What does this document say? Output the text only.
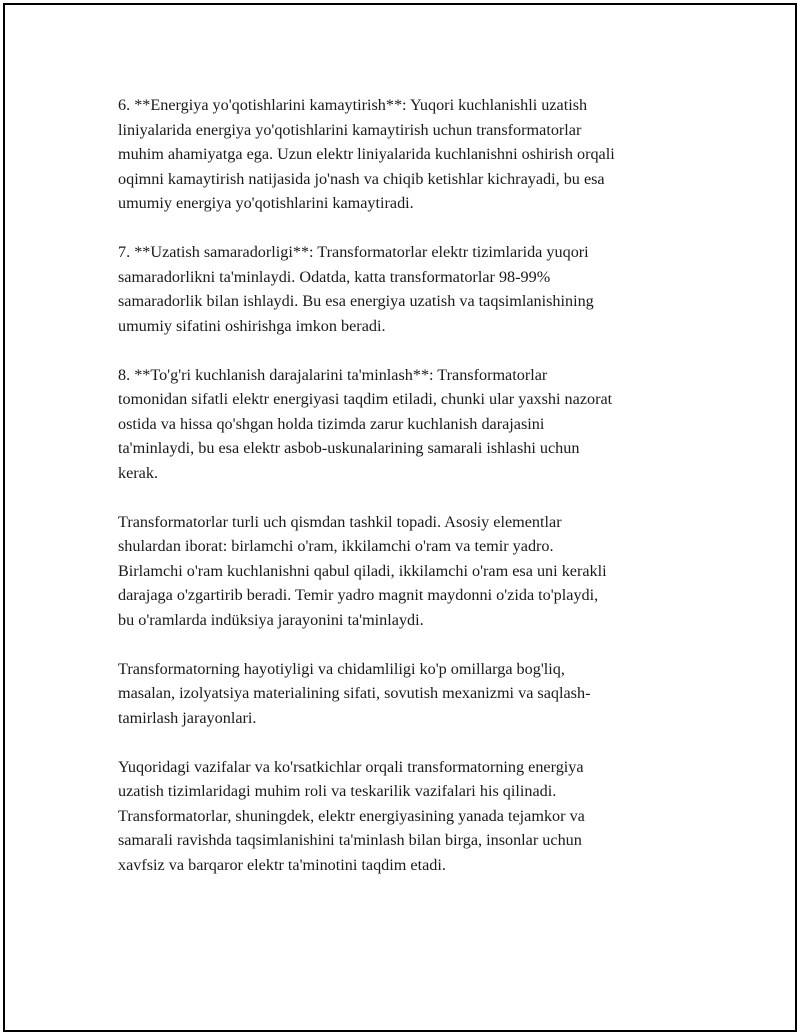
6. **Energiya yo'qotishlarini kamaytirish**: Yuqori kuchlanishli uzatish
liniyalarida energiya yo'qotishlarini kamaytirish uchun transformatorlar
muhim ahamiyatga ega. Uzun elektr liniyalarida kuchlanishni oshirish orqali
oqimni kamaytirish natijasida jo'nash va chiqib ketishlar kichrayadi, bu esa
umumiy energiya yo'qotishlarini kamaytiradi.

7. **Uzatish samaradorligi**: Transformatorlar elektr tizimlarida yuqori
samaradorlikni ta'minlaydi. Odatda, katta transformatorlar 98-99%
samaradorlik bilan ishlaydi. Bu esa energiya uzatish va taqsimlanishining
umumiy sifatini oshirishga imkon beradi.

8. **To'g'ri kuchlanish darajalarini ta'minlash**: Transformatorlar
tomonidan sifatli elektr energiyasi taqdim etiladi, chunki ular yaxshi nazorat
ostida va hissa qo'shgan holda tizimda zarur kuchlanish darajasini
ta'minlaydi, bu esa elektr asbob-uskunalarining samarali ishlashi uchun
kerak.

Transformatorlar turli uch qismdan tashkil topadi. Asosiy elementlar
shulardan iborat: birlamchi o'ram, ikkilamchi o'ram va temir yadro.
Birlamchi o'ram kuchlanishni qabul qiladi, ikkilamchi o'ram esa uni kerakli
darajaga o'zgartirib beradi. Temir yadro magnit maydonni o'zida to'playdi,
bu o'ramlarda indüksiya jarayonini ta'minlaydi.

Transformatorning hayotiyligi va chidamliligi ko'p omillarga bog'liq,
masalan, izolyatsiya materialining sifati, sovutish mexanizmi va saqlash-
tamirlash jarayonlari.

Yuqoridagi vazifalar va ko'rsatkichlar orqali transformatorning energiya
uzatish tizimlaridagi muhim roli va teskarilik vazifalari his qilinadi.
Transformatorlar, shuningdek, elektr energiyasining yanada tejamkor va
samarali ravishda taqsimlanishini ta'minlash bilan birga, insonlar uchun
xavfsiz va barqaror elektr ta'minotini taqdim etadi.
